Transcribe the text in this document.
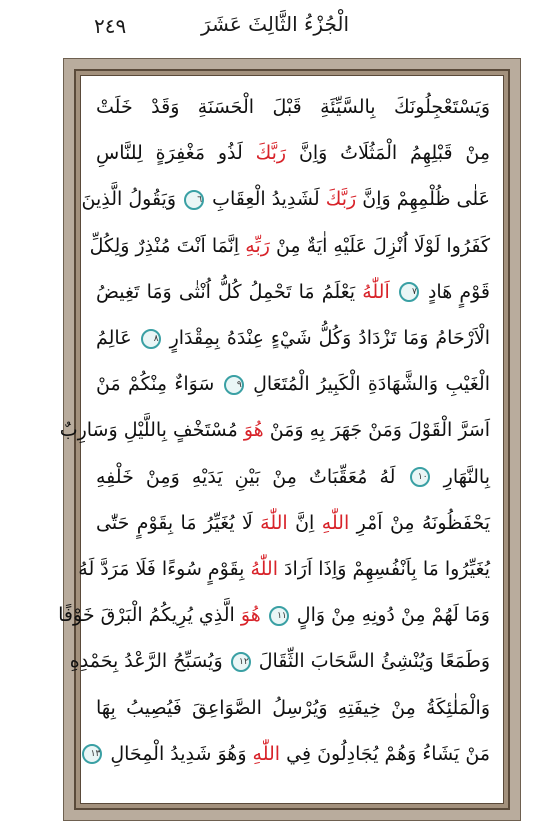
الْجُزْءُ الثَّالِثَ عَشَرَ
٢٤٩
وَيَسْتَعْجِلُونَكَ بِالسَّيِّئَةِ قَبْلَ الْحَسَنَةِ وَقَدْ خَلَتْ
مِنْ قَبْلِهِمُ الْمَثُلَاتُ وَاِنَّ رَبَّكَ لَذُو مَغْفِرَةٍ لِلنَّاسِ
عَلٰى ظُلْمِهِمْ وَاِنَّ رَبَّكَ لَشَدِيدُ الْعِقَابِ ٦ وَيَقُولُ الَّذِينَ
كَفَرُوا لَوْلَا اُنْزِلَ عَلَيْهِ اٰيَةٌ مِنْ رَبِّهِ اِنَّمَا اَنْتَ مُنْذِرٌ وَلِكُلِّ
قَوْمٍ هَادٍ ٧ اَللّٰهُ يَعْلَمُ مَا تَحْمِلُ كُلُّ اُنْثٰى وَمَا تَغِيضُ
الْاَرْحَامُ وَمَا تَزْدَادُ وَكُلُّ شَيْءٍ عِنْدَهُ بِمِقْدَارٍ ٨ عَالِمُ
الْغَيْبِ وَالشَّهَادَةِ الْكَبِيرُ الْمُتَعَالِ ٩ سَوَاءٌ مِنْكُمْ مَنْ
اَسَرَّ الْقَوْلَ وَمَنْ جَهَرَ بِهِ وَمَنْ هُوَ مُسْتَخْفٍ بِاللَّيْلِ وَسَارِبٌ
بِالنَّهَارِ ١٠ لَهُ مُعَقِّبَاتٌ مِنْ بَيْنِ يَدَيْهِ وَمِنْ خَلْفِهِ
يَحْفَظُونَهُ مِنْ اَمْرِ اللّٰهِ اِنَّ اللّٰهَ لَا يُغَيِّرُ مَا بِقَوْمٍ حَتّٰى
يُغَيِّرُوا مَا بِاَنْفُسِهِمْ وَاِذَا اَرَادَ اللّٰهُ بِقَوْمٍ سُوءًا فَلَا مَرَدَّ لَهُ
وَمَا لَهُمْ مِنْ دُونِهِ مِنْ وَالٍ ١١ هُوَ الَّذِي يُرِيكُمُ الْبَرْقَ خَوْفًا
وَطَمَعًا وَيُنْشِئُ السَّحَابَ الثِّقَالَ ١٢ وَيُسَبِّحُ الرَّعْدُ بِحَمْدِهِ
وَالْمَلٰئِكَةُ مِنْ خِيفَتِهِ وَيُرْسِلُ الصَّوَاعِقَ فَيُصِيبُ بِهَا
مَنْ يَشَاءُ وَهُمْ يُجَادِلُونَ فِي اللّٰهِ وَهُوَ شَدِيدُ الْمِحَالِ ١٣
